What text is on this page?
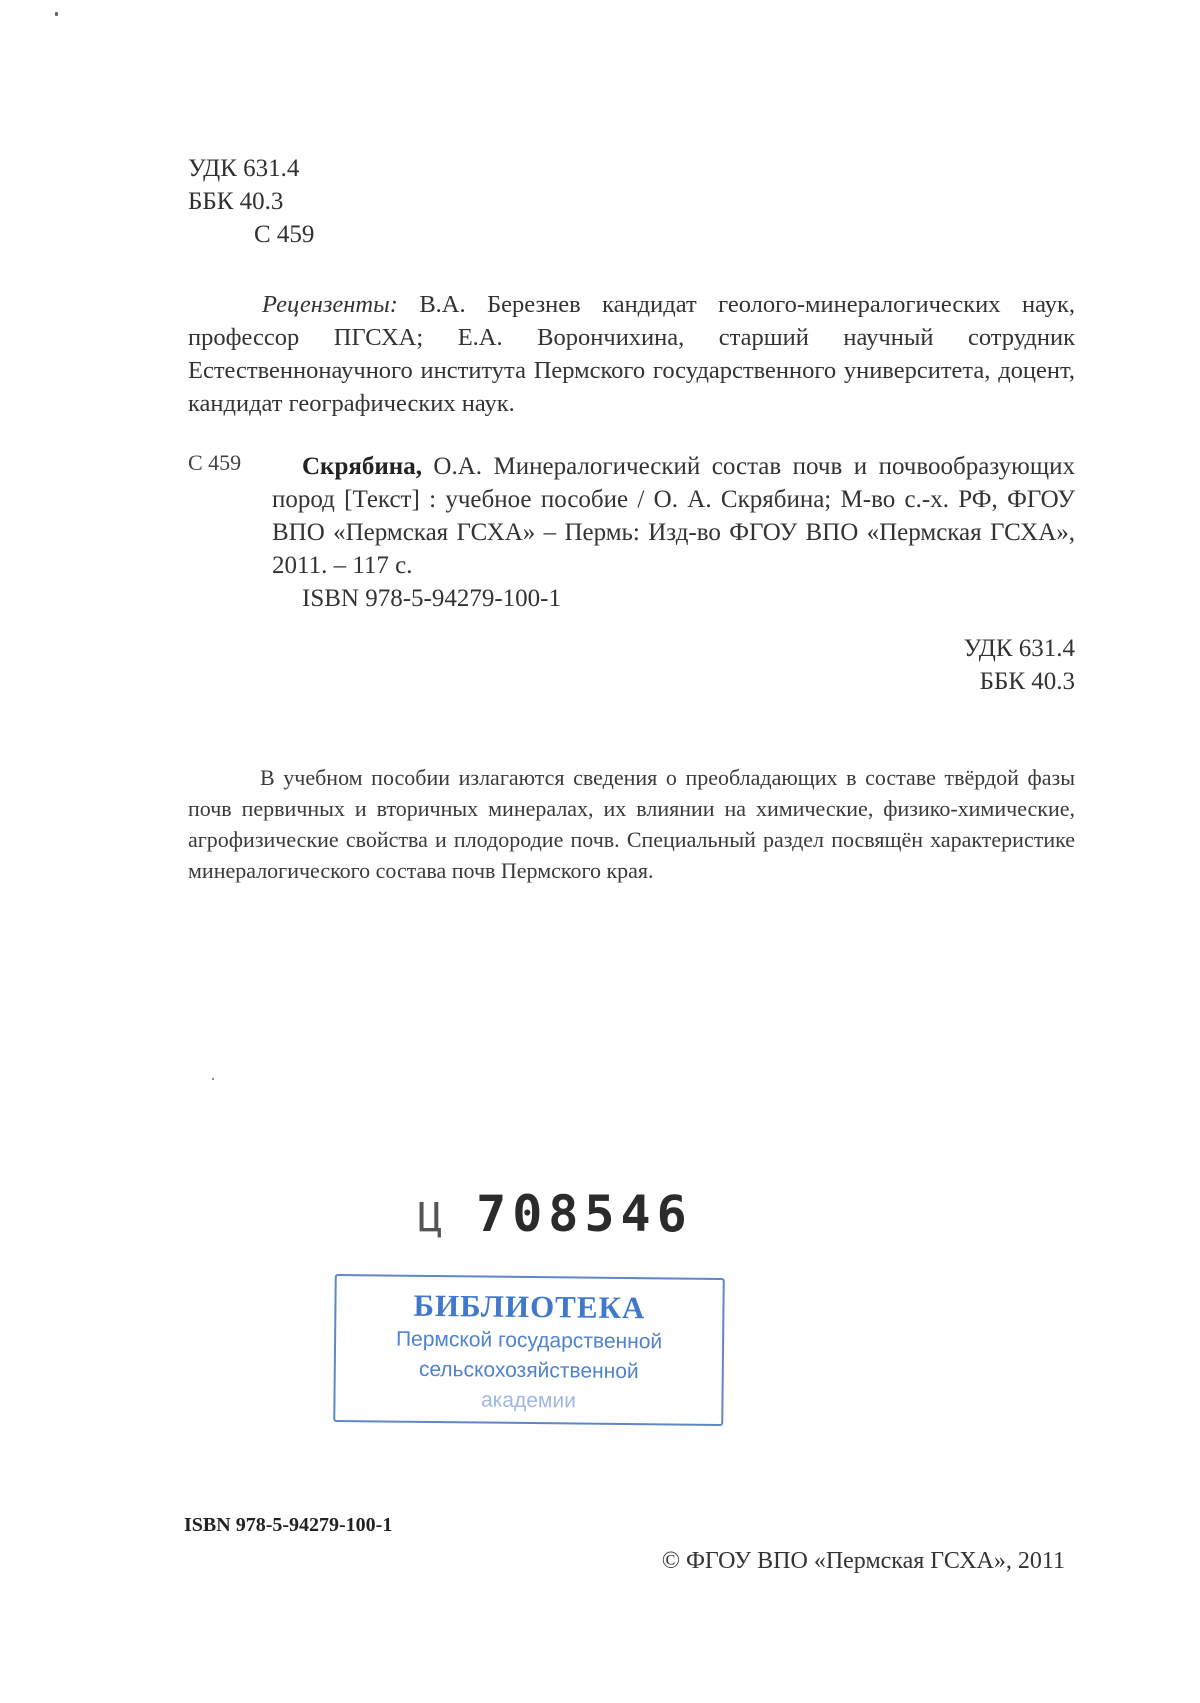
УДК 631.4
ББК 40.3
С 459
Рецензенты: В.А. Березнев кандидат геолого-минералогических наук, профессор ПГСХА; Е.А. Ворончихина, старший научный сотрудник Естественнонаучного института Пермского государственного университета, доцент, кандидат географических наук.
С 459	Скрябина, О.А. Минералогический состав почв и почвообразующих пород [Текст] : учебное пособие / О. А. Скрябина; М-во с.-х. РФ, ФГОУ ВПО «Пермская ГСХА» – Пермь: Изд-во ФГОУ ВПО «Пермская ГСХА», 2011. – 117 с.
ISBN 978-5-94279-100-1
УДК 631.4
ББК 40.3
В учебном пособии излагаются сведения о преобладающих в составе твёрдой фазы почв первичных и вторичных минералах, их влиянии на химические, физико-химические, агрофизические свойства и плодородие почв. Специальный раздел посвящён характеристике минералогического состава почв Пермского края.
Ц 708546
БИБЛИОТЕКА
Пермской государственной
сельскохозяйственной
академии
ISBN 978-5-94279-100-1
© ФГОУ ВПО «Пермская ГСХА», 2011
